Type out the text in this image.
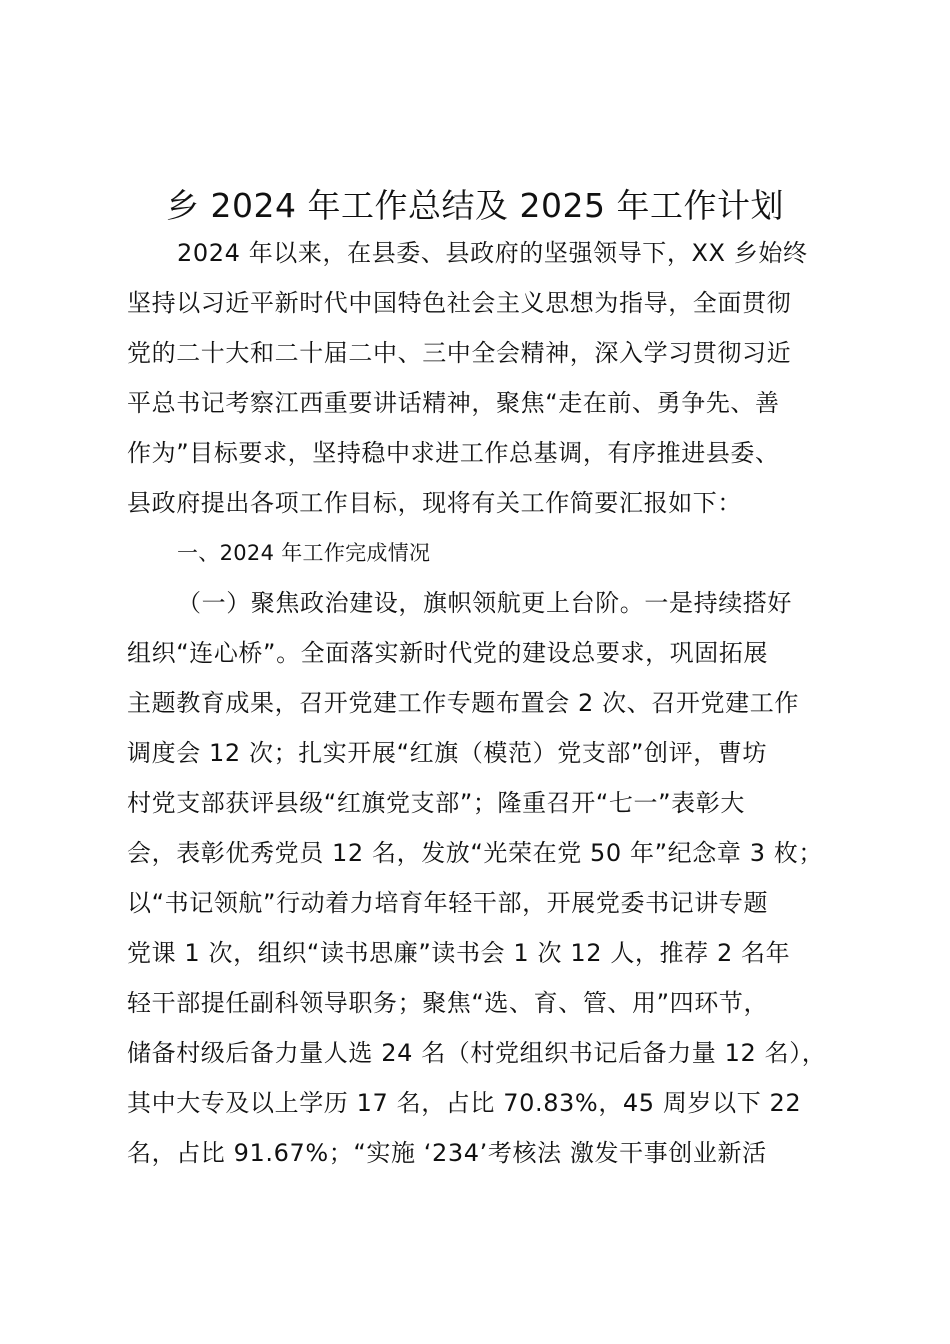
乡 2024 年工作总结及 2025 年工作计划
2024 年以来，在县委、县政府的坚强领导下，XX 乡始终
坚持以习近平新时代中国特色社会主义思想为指导，全面贯彻
党的二十大和二十届二中、三中全会精神，深入学习贯彻习近
平总书记考察江西重要讲话精神，聚焦“走在前、勇争先、善
作为”目标要求，坚持稳中求进工作总基调，有序推进县委、
县政府提出各项工作目标，现将有关工作简要汇报如下：
一、2024 年工作完成情况
（一）聚焦政治建设，旗帜领航更上台阶。一是持续搭好
组织“连心桥”。全面落实新时代党的建设总要求，巩固拓展
主题教育成果，召开党建工作专题布置会 2 次、召开党建工作
调度会 12 次；扎实开展“红旗（模范）党支部”创评，曹坊
村党支部获评县级“红旗党支部”；隆重召开“七一”表彰大
会，表彰优秀党员 12 名，发放“光荣在党 50 年”纪念章 3 枚；
以“书记领航”行动着力培育年轻干部，开展党委书记讲专题
党课 1 次，组织“读书思廉”读书会 1 次 12 人，推荐 2 名年
轻干部提任副科领导职务；聚焦“选、育、管、用”四环节，
储备村级后备力量人选 24 名（村党组织书记后备力量 12 名），
其中大专及以上学历 17 名，占比 70.83%，45 周岁以下 22
名，占比 91.67%；“实施 ‘234’考核法 激发干事创业新活
